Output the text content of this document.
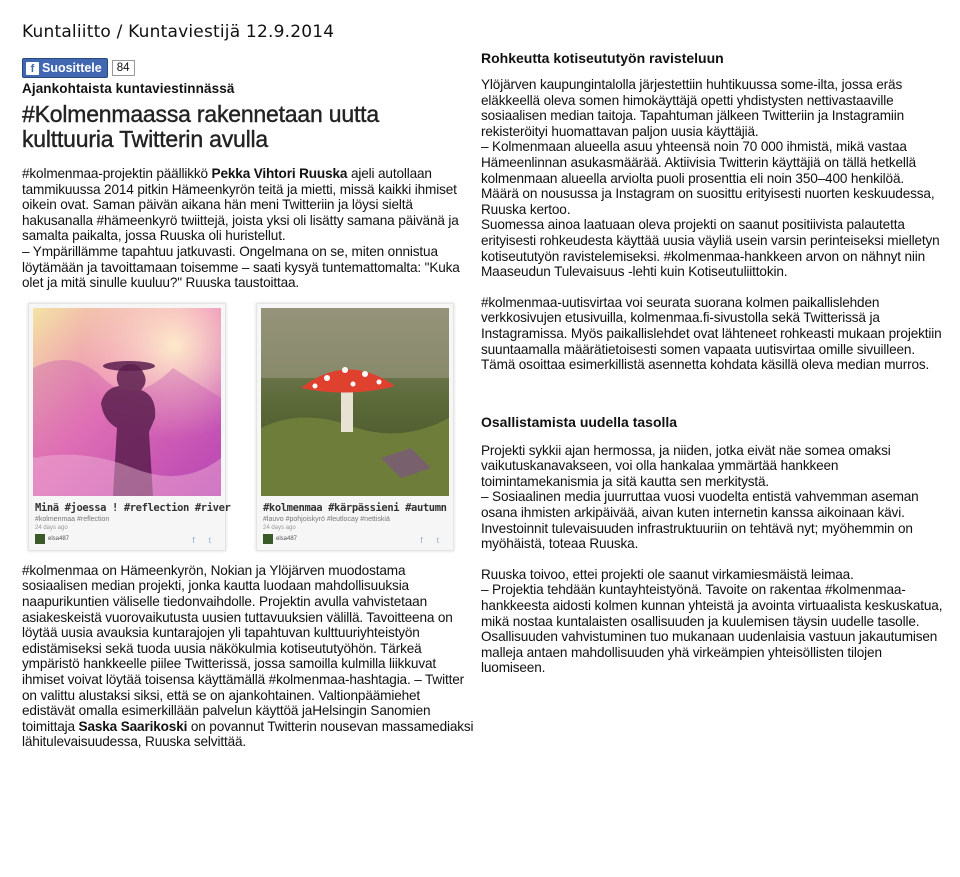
Kuntaliitto / Kuntaviestijä 12.9.2014
f Suosittele	84
Ajankohtaista kuntaviestinnässä
#Kolmenmaassa rakennetaan uutta kulttuuria Twitterin avulla

#kolmenmaa-projektin päällikkö Pekka Vihtori Ruuska ajeli autollaan tammikuussa 2014 pitkin Hämeenkyrön teitä ja mietti, missä kaikki ihmiset oikein ovat. Saman päivän aikana hän meni Twitteriin ja löysi sieltä hakusanalla #hämeenkyrö twiittejä, joista yksi oli lisätty samana päivänä ja samalta paikalta, jossa Ruuska oli huristellut.

– Ympärillämme tapahtuu jatkuvasti. Ongelmana on se, miten onnistua löytämään ja tavoittamaan toisemme – saati kysyä tuntemattomalta: "Kuka olet ja mitä sinulle kuuluu?" Ruuska taustoittaa.

Minä #joessa ! #reflection #river
#kolmenmaa #reflection
24 days ago
elsa487	f t
#kolmenmaa #kärpässieni #autumn
#lauvo #pohjoiskyrö #leutlocay #nettiskiä
24 days ago
elsa487	f t

#kolmenmaa on Hämeenkyrön, Nokian ja Ylöjärven muodostama sosiaalisen median projekti, jonka kautta luodaan mahdollisuuksia naapurikuntien väliselle tiedonvaihdolle. Projektin avulla vahvistetaan asiakeskeistä vuorovaikutusta uusien tuttavuuksien välillä. Tavoitteena on löytää uusia avauksia kuntarajojen yli tapahtuvan kulttuuriyhteistyön edistämiseksi sekä tuoda uusia näkökulmia kotiseututyöhön. Tärkeä ympäristö hankkeelle piilee Twitterissä, jossa samoilla kulmilla liikkuvat ihmiset voivat löytää toisensa käyttämällä #kolmenmaa-hashtagia. – Twitter on valittu alustaksi siksi, että se on ajankohtainen. Valtionpäämiehet edistävät omalla esimerkillään palvelun käyttöä jaHelsingin Sanomien toimittaja Saska Saarikoski on povannut Twitterin nousevan massamediaksi lähitulevaisuudessa, Ruuska selvittää.

Rohkeutta kotiseututyön ravisteluun

Ylöjärven kaupungintalolla järjestettiin huhtikuussa some-ilta, jossa eräs eläkkeellä oleva somen himokäyttäjä opetti yhdistysten nettivastaaville sosiaalisen median taitoja. Tapahtuman jälkeen Twitteriin ja Instagramiin rekisteröityi huomattavan paljon uusia käyttäjiä.

– Kolmenmaan alueella asuu yhteensä noin 70 000 ihmistä, mikä vastaa Hämeenlinnan asukasmäärää. Aktiivisia Twitterin käyttäjiä on tällä hetkellä kolmenmaan alueella arviolta puoli prosenttia eli noin 350–400 henkilöä. Määrä on nousussa ja Instagram on suosittu erityisesti nuorten keskuudessa, Ruuska kertoo.

Suomessa ainoa laatuaan oleva projekti on saanut positiivista palautetta erityisesti rohkeudesta käyttää uusia väyliä usein varsin perinteiseksi mielletyn kotiseututyön ravistelemiseksi. #kolmenmaa-hankkeen arvon on nähnyt niin Maaseudun Tulevaisuus -lehti kuin Kotiseutuliittokin.

#kolmenmaa-uutisvirtaa voi seurata suorana kolmen paikallislehden verkkosivujen etusivuilla, kolmenmaa.fi-sivustolla sekä Twitterissä ja Instagramissa. Myös paikallislehdet ovat lähteneet rohkeasti mukaan projektiin suuntaamalla määrätietoisesti somen vapaata uutisvirtaa omille sivuilleen. Tämä osoittaa esimerkillistä asennetta kohdata käsillä oleva median murros.

Osallistamista uudella tasolla

Projekti sykkii ajan hermossa, ja niiden, jotka eivät näe somea omaksi vaikutuskanavakseen, voi olla hankalaa ymmärtää hankkeen toimintamekanismia ja sitä kautta sen merkitystä.

– Sosiaalinen media juurruttaa vuosi vuodelta entistä vahvemman aseman osana ihmisten arkipäivää, aivan kuten internetin kanssa aikoinaan kävi. Investoinnit tulevaisuuden infrastruktuuriin on tehtävä nyt; myöhemmin on myöhäistä, toteaa Ruuska.

Ruuska toivoo, ettei projekti ole saanut virkamiesmäistä leimaa.

– Projektia tehdään kuntayhteistyönä. Tavoite on rakentaa #kolmenmaa-hankkeesta aidosti kolmen kunnan yhteistä ja avointa virtuaalista keskuskatua, mikä nostaa kuntalaisten osallisuuden ja kuulemisen täysin uudelle tasolle. Osallisuuden vahvistuminen tuo mukanaan uudenlaisia vastuun jakautumisen malleja antaen mahdollisuuden yhä virkeämpien yhteisöllisten tilojen luomiseen.
